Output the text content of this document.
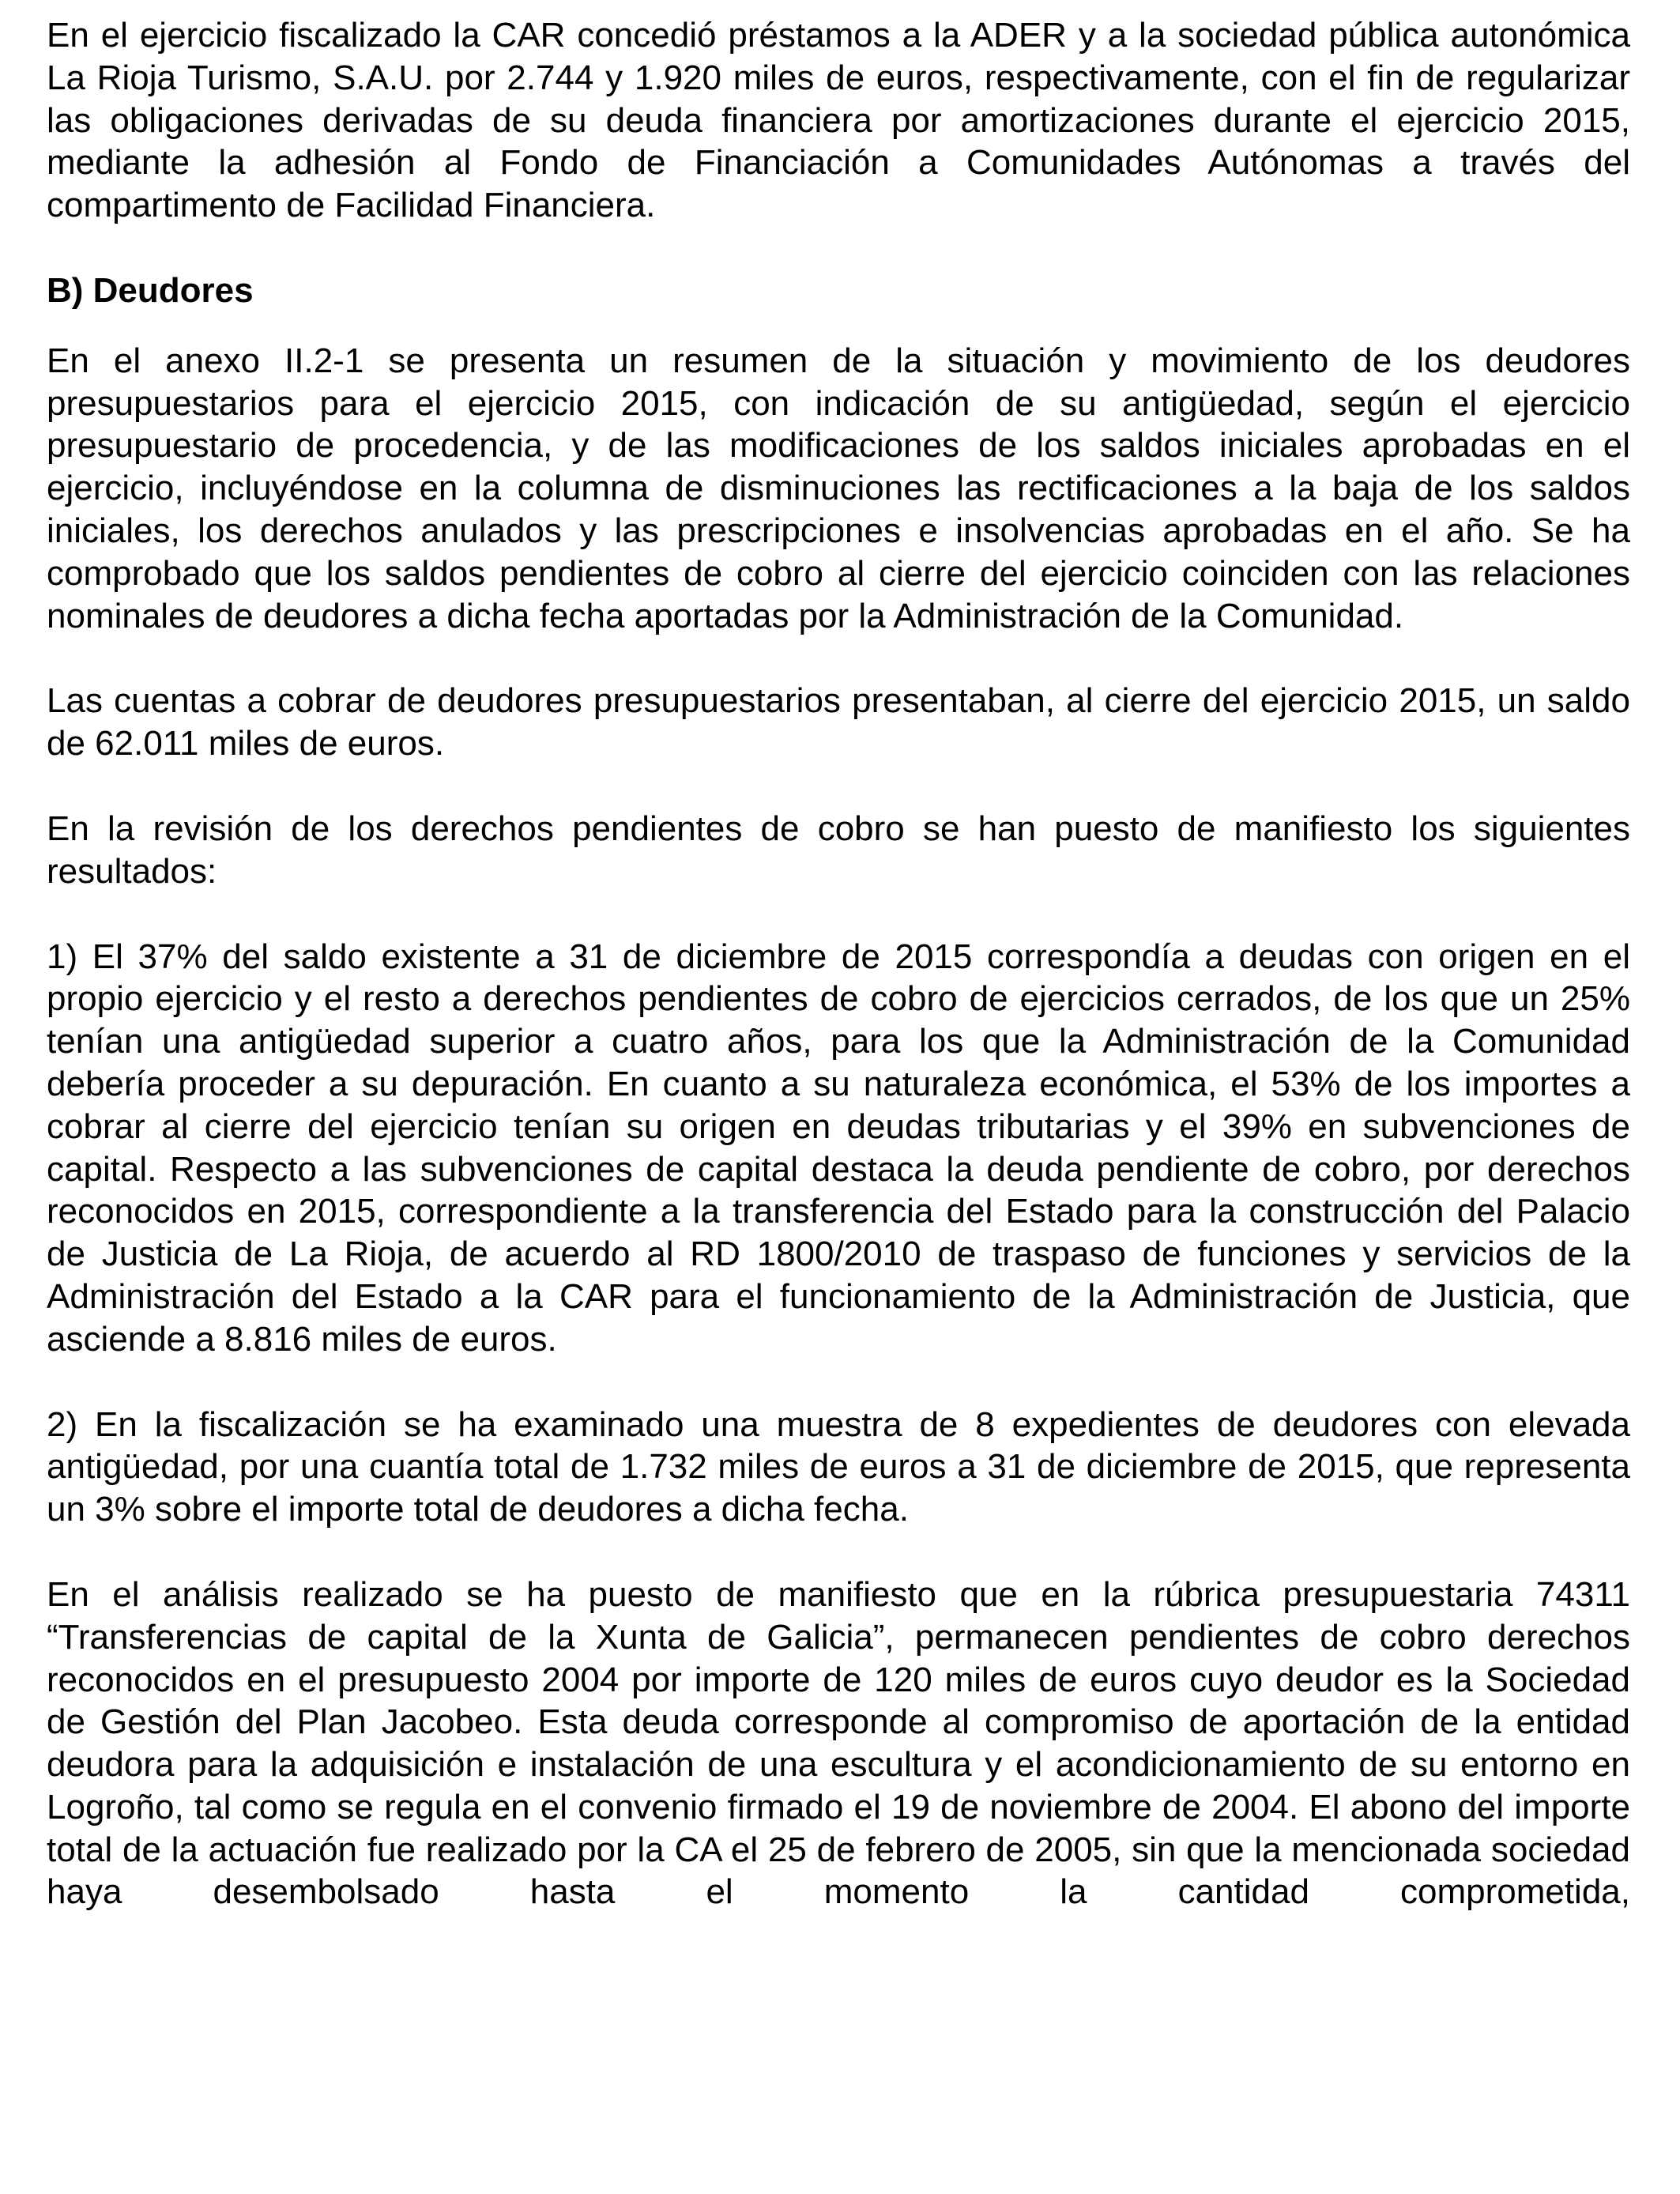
En el ejercicio fiscalizado la CAR concedió préstamos a la ADER y a la sociedad pública autonómica La Rioja Turismo, S.A.U. por 2.744 y 1.920 miles de euros, respectivamente, con el fin de regularizar las obligaciones derivadas de su deuda financiera por amortizaciones durante el ejercicio 2015, mediante la adhesión al Fondo de Financiación a Comunidades Autónomas a través del compartimento de Facilidad Financiera.

B) Deudores

En el anexo II.2-1 se presenta un resumen de la situación y movimiento de los deudores presupuestarios para el ejercicio 2015, con indicación de su antigüedad, según el ejercicio presupuestario de procedencia, y de las modificaciones de los saldos iniciales aprobadas en el ejercicio, incluyéndose en la columna de disminuciones las rectificaciones a la baja de los saldos iniciales, los derechos anulados y las prescripciones e insolvencias aprobadas en el año. Se ha comprobado que los saldos pendientes de cobro al cierre del ejercicio coinciden con las relaciones nominales de deudores a dicha fecha aportadas por la Administración de la Comunidad.

Las cuentas a cobrar de deudores presupuestarios presentaban, al cierre del ejercicio 2015, un saldo de 62.011 miles de euros.

En la revisión de los derechos pendientes de cobro se han puesto de manifiesto los siguientes resultados:

1) El 37% del saldo existente a 31 de diciembre de 2015 correspondía a deudas con origen en el propio ejercicio y el resto a derechos pendientes de cobro de ejercicios cerrados, de los que un 25% tenían una antigüedad superior a cuatro años, para los que la Administración de la Comunidad debería proceder a su depuración. En cuanto a su naturaleza económica, el 53% de los importes a cobrar al cierre del ejercicio tenían su origen en deudas tributarias y el 39% en subvenciones de capital. Respecto a las subvenciones de capital destaca la deuda pendiente de cobro, por derechos reconocidos en 2015, correspondiente a la transferencia del Estado para la construcción del Palacio de Justicia de La Rioja, de acuerdo al RD 1800/2010 de traspaso de funciones y servicios de la Administración del Estado a la CAR para el funcionamiento de la Administración de Justicia, que asciende a 8.816 miles de euros.

2) En la fiscalización se ha examinado una muestra de 8 expedientes de deudores con elevada antigüedad, por una cuantía total de 1.732 miles de euros a 31 de diciembre de 2015, que representa un 3% sobre el importe total de deudores a dicha fecha.

En el análisis realizado se ha puesto de manifiesto que en la rúbrica presupuestaria 74311 “Transferencias de capital de la Xunta de Galicia”, permanecen pendientes de cobro derechos reconocidos en el presupuesto 2004 por importe de 120 miles de euros cuyo deudor es la Sociedad de Gestión del Plan Jacobeo. Esta deuda corresponde al compromiso de aportación de la entidad deudora para la adquisición e instalación de una escultura y el acondicionamiento de su entorno en Logroño, tal como se regula en el convenio firmado el 19 de noviembre de 2004. El abono del importe total de la actuación fue realizado por la CA el 25 de febrero de 2005, sin que la mencionada sociedad haya desembolsado hasta el momento la cantidad comprometida,
